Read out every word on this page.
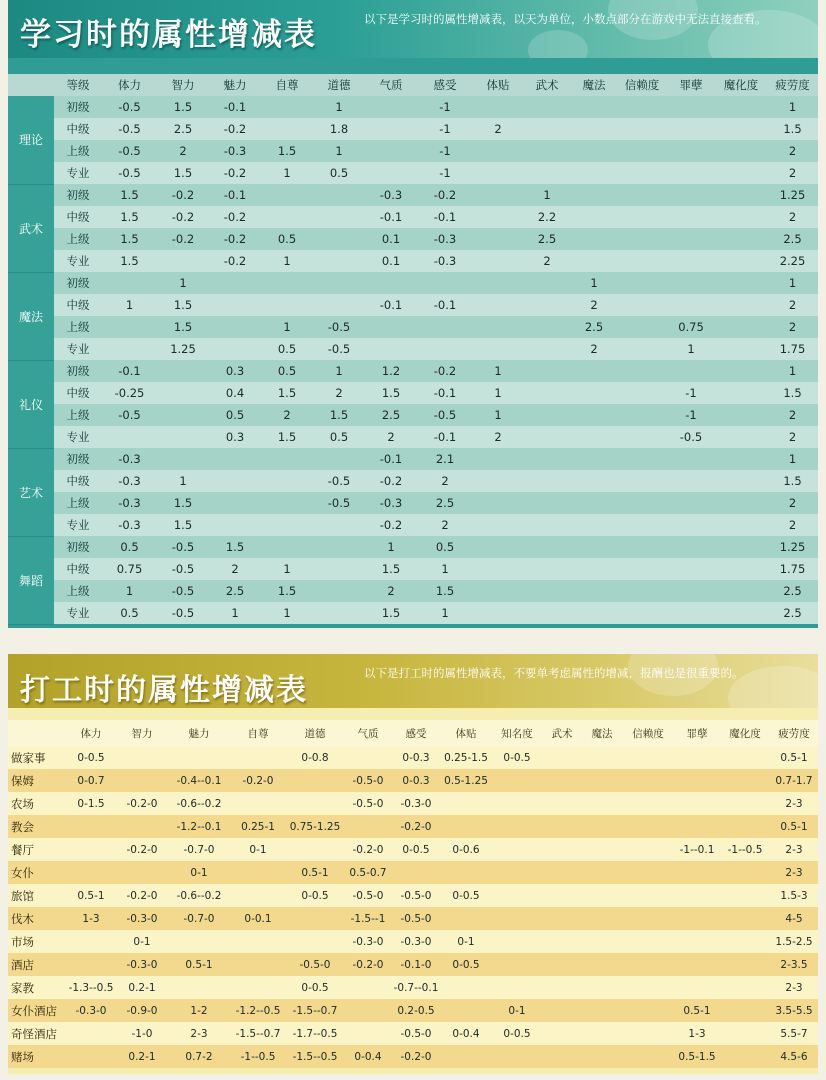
学习时的属性增减表	以下是学习时的属性增减表，以天为单位，小数点部分在游戏中无法直接查看。

	等级	体力	智力	魅力	自尊	道德	气质	感受	体贴	武术	魔法	信赖度	罪孽	魔化度	疲劳度
理论	初级	-0.5	1.5	-0.1		1		-1							1
	中级	-0.5	2.5	-0.2		1.8		-1	2						1.5
	上级	-0.5	2	-0.3	1.5	1		-1							2
	专业	-0.5	1.5	-0.2	1	0.5		-1							2
武术	初级	1.5	-0.2	-0.1			-0.3	-0.2		1					1.25
	中级	1.5	-0.2	-0.2			-0.1	-0.1		2.2					2
	上级	1.5	-0.2	-0.2	0.5		0.1	-0.3		2.5					2.5
	专业	1.5		-0.2	1		0.1	-0.3		2					2.25
魔法	初级		1								1				1
	中级	1	1.5				-0.1	-0.1			2				2
	上级		1.5		1	-0.5					2.5		0.75		2
	专业		1.25		0.5	-0.5					2		1		1.75
礼仪	初级	-0.1		0.3	0.5	1	1.2	-0.2	1						1
	中级	-0.25		0.4	1.5	2	1.5	-0.1	1				-1		1.5
	上级	-0.5		0.5	2	1.5	2.5	-0.5	1				-1		2
	专业			0.3	1.5	0.5	2	-0.1	2				-0.5		2
艺术	初级	-0.3					-0.1	2.1							1
	中级	-0.3	1			-0.5	-0.2	2							1.5
	上级	-0.3	1.5			-0.5	-0.3	2.5							2
	专业	-0.3	1.5				-0.2	2							2
舞蹈	初级	0.5	-0.5	1.5			1	0.5							1.25
	中级	0.75	-0.5	2	1		1.5	1							1.75
	上级	1	-0.5	2.5	1.5		2	1.5							2.5
	专业	0.5	-0.5	1	1		1.5	1							2.5
打工时的属性增减表	以下是打工时的属性增减表，不要单考虑属性的增减，报酬也是很重要的。

	体力	智力	魅力	自尊	道德	气质	感受	体贴	知名度	武术	魔法	信赖度	罪孽	魔化度	疲劳度
做家事	0-0.5				0-0.8		0-0.3	0.25-1.5	0-0.5						0.5-1
保姆	0-0.7		-0.4--0.1	-0.2-0		-0.5-0	0-0.3	0.5-1.25							0.7-1.7
农场	0-1.5	-0.2-0	-0.6--0.2			-0.5-0	-0.3-0								2-3
教会			-1.2--0.1	0.25-1	0.75-1.25		-0.2-0								0.5-1
餐厅		-0.2-0	-0.7-0	0-1		-0.2-0	0-0.5	0-0.6					-1--0.1	-1--0.5	2-3
女仆			0-1		0.5-1	0.5-0.7									2-3
旅馆	0.5-1	-0.2-0	-0.6--0.2		0-0.5	-0.5-0	-0.5-0	0-0.5							1.5-3
伐木	1-3	-0.3-0	-0.7-0	0-0.1		-1.5--1	-0.5-0								4-5
市场		0-1				-0.3-0	-0.3-0	0-1							1.5-2.5
酒店		-0.3-0	0.5-1		-0.5-0	-0.2-0	-0.1-0	0-0.5							2-3.5
家教	-1.3--0.5	0.2-1			0-0.5		-0.7--0.1								2-3
女仆酒店	-0.3-0	-0.9-0	1-2	-1.2--0.5	-1.5--0.7		0.2-0.5		0-1				0.5-1		3.5-5.5
奇怪酒店		-1-0	2-3	-1.5--0.7	-1.7--0.5		-0.5-0	0-0.4	0-0.5				1-3		5.5-7
赌场		0.2-1	0.7-2	-1--0.5	-1.5--0.5	0-0.4	-0.2-0						0.5-1.5		4.5-6
